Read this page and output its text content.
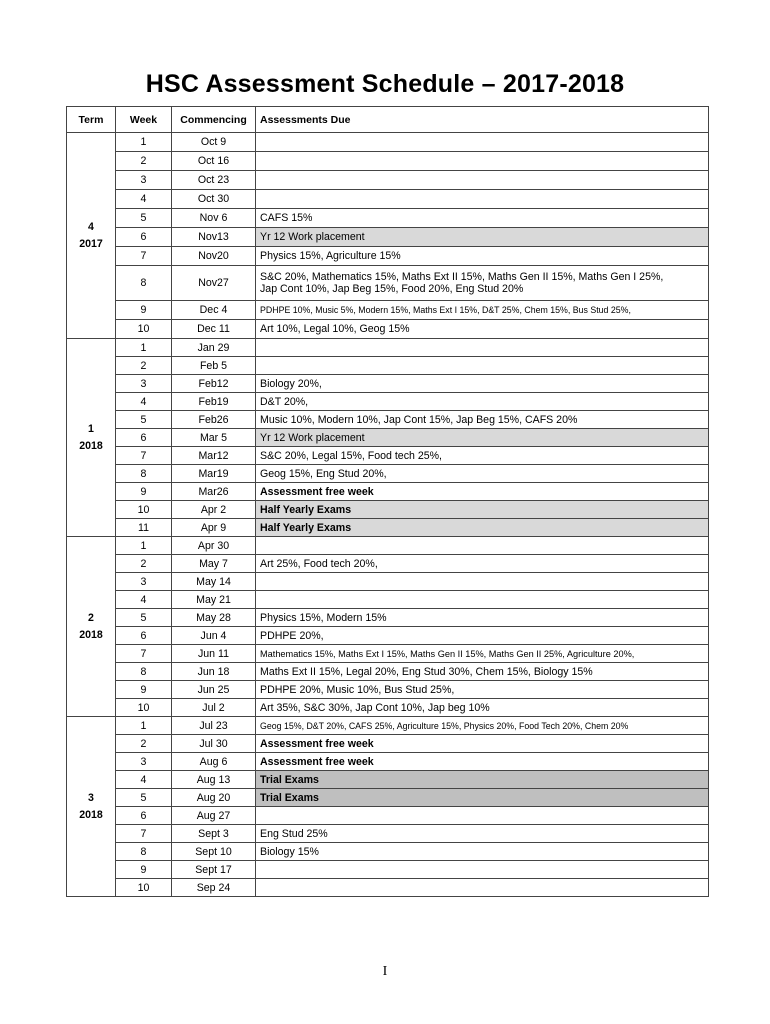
HSC Assessment Schedule – 2017-2018
Term	Week	Commencing	Assessments Due
4
2017	1	Oct 9	
	2	Oct 16	
	3	Oct 23	
	4	Oct 30	
	5	Nov 6	CAFS 15%
	6	Nov13	Yr 12 Work placement
	7	Nov20	Physics 15%, Agriculture 15%
	8	Nov27	S&C 20%, Mathematics 15%, Maths Ext II 15%, Maths Gen II 15%, Maths Gen I 25%,
Jap Cont 10%, Jap Beg 15%, Food 20%, Eng Stud 20%
	9	Dec 4	PDHPE 10%, Music 5%, Modern 15%, Maths Ext I 15%, D&T 25%, Chem 15%, Bus Stud 25%,
	10	Dec 11	Art 10%, Legal 10%, Geog 15%
1
2018	1	Jan 29	
	2	Feb 5	
	3	Feb12	Biology 20%,
	4	Feb19	D&T 20%,
	5	Feb26	Music 10%, Modern 10%, Jap Cont 15%, Jap Beg 15%, CAFS 20%
	6	Mar 5	Yr 12 Work placement
	7	Mar12	S&C 20%, Legal 15%, Food tech 25%,
	8	Mar19	Geog 15%, Eng Stud 20%,
	9	Mar26	Assessment free week
	10	Apr 2	Half Yearly Exams
	11	Apr 9	Half Yearly Exams
2
2018	1	Apr 30	
	2	May 7	Art 25%, Food tech 20%,
	3	May 14	
	4	May 21	
	5	May 28	Physics 15%, Modern 15%
	6	Jun 4	PDHPE 20%,
	7	Jun 11	Mathematics 15%, Maths Ext I 15%, Maths Gen II 15%, Maths Gen II 25%, Agriculture 20%,
	8	Jun 18	Maths Ext II 15%, Legal 20%, Eng Stud 30%, Chem 15%, Biology 15%
	9	Jun 25	PDHPE 20%, Music 10%, Bus Stud 25%,
	10	Jul 2	Art 35%, S&C 30%, Jap Cont 10%, Jap beg 10%
3
2018	1	Jul 23	Geog 15%, D&T 20%, CAFS 25%, Agriculture 15%, Physics 20%, Food Tech 20%, Chem 20%
	2	Jul 30	Assessment free week
	3	Aug 6	Assessment free week
	4	Aug 13	Trial Exams
	5	Aug 20	Trial Exams
	6	Aug 27	
	7	Sept 3	Eng Stud 25%
	8	Sept 10	Biology 15%
	9	Sept 17	
	10	Sep 24	
I
